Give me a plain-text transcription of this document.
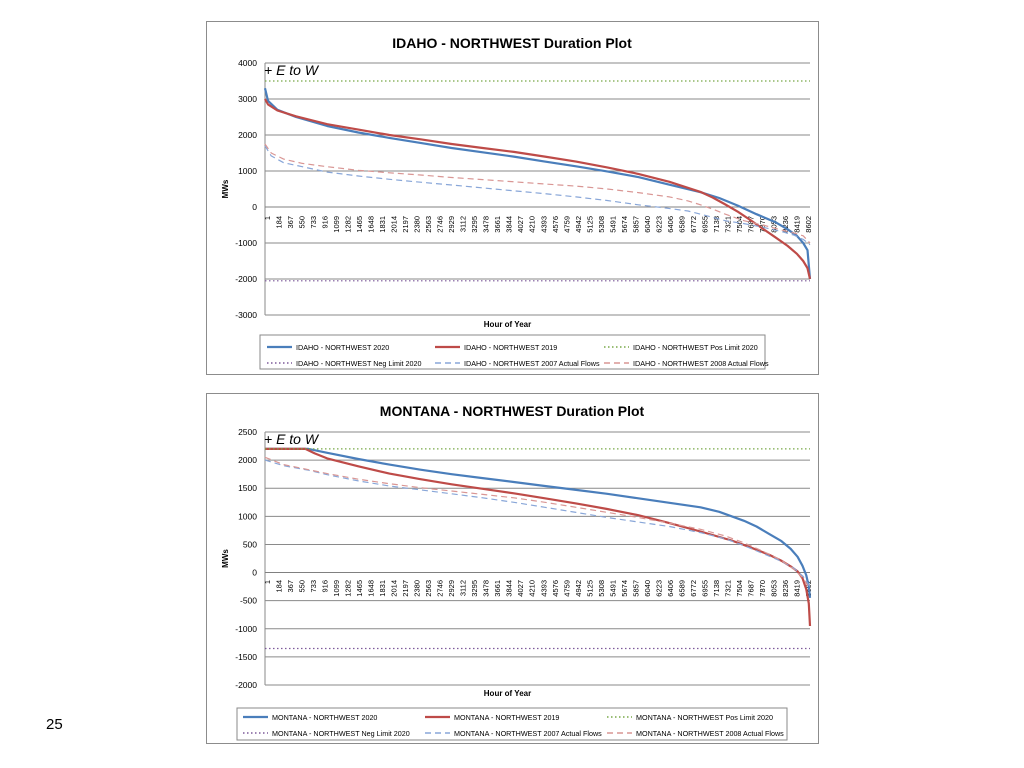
IDAHO - NORTHWEST Duration Plot
4000
3000
2000
1000
0
-1000
-2000
-3000
1 184 367 550 733 916 1099 1282 1465 1648 1831 2014 2197 2380 2563 2746 2929 3112 3295 3478 3661 3844 4027 4210 4393 4576 4759 4942 5125 5308 5491 5674 5857 6040 6223 6406 6589 6772 6955 7138 7321 7504 7687 7870 8053 8236 8419 8602
MWs
Hour of Year
+ E to W
IDAHO - NORTHWEST 2020	IDAHO - NORTHWEST 2019	IDAHO - NORTHWEST Pos Limit 2020
IDAHO - NORTHWEST Neg Limit 2020	IDAHO - NORTHWEST 2007 Actual Flows	IDAHO - NORTHWEST 2008 Actual Flows
MONTANA - NORTHWEST Duration Plot
2500
2000
1500
1000
500
0
-500
-1000
-1500
-2000
1 184 367 550 733 916 1099 1282 1465 1648 1831 2014 2197 2380 2563 2746 2929 3112 3295 3478 3661 3844 4027 4210 4393 4576 4759 4942 5125 5308 5491 5674 5857 6040 6223 6406 6589 6772 6955 7138 7321 7504 7687 7870 8053 8236 8419 8602
MWs
Hour of Year
+ E to W
MONTANA - NORTHWEST 2020	MONTANA - NORTHWEST 2019	MONTANA - NORTHWEST Pos Limit 2020
MONTANA - NORTHWEST Neg Limit 2020	MONTANA - NORTHWEST 2007 Actual Flows	MONTANA - NORTHWEST 2008 Actual Flows
25
